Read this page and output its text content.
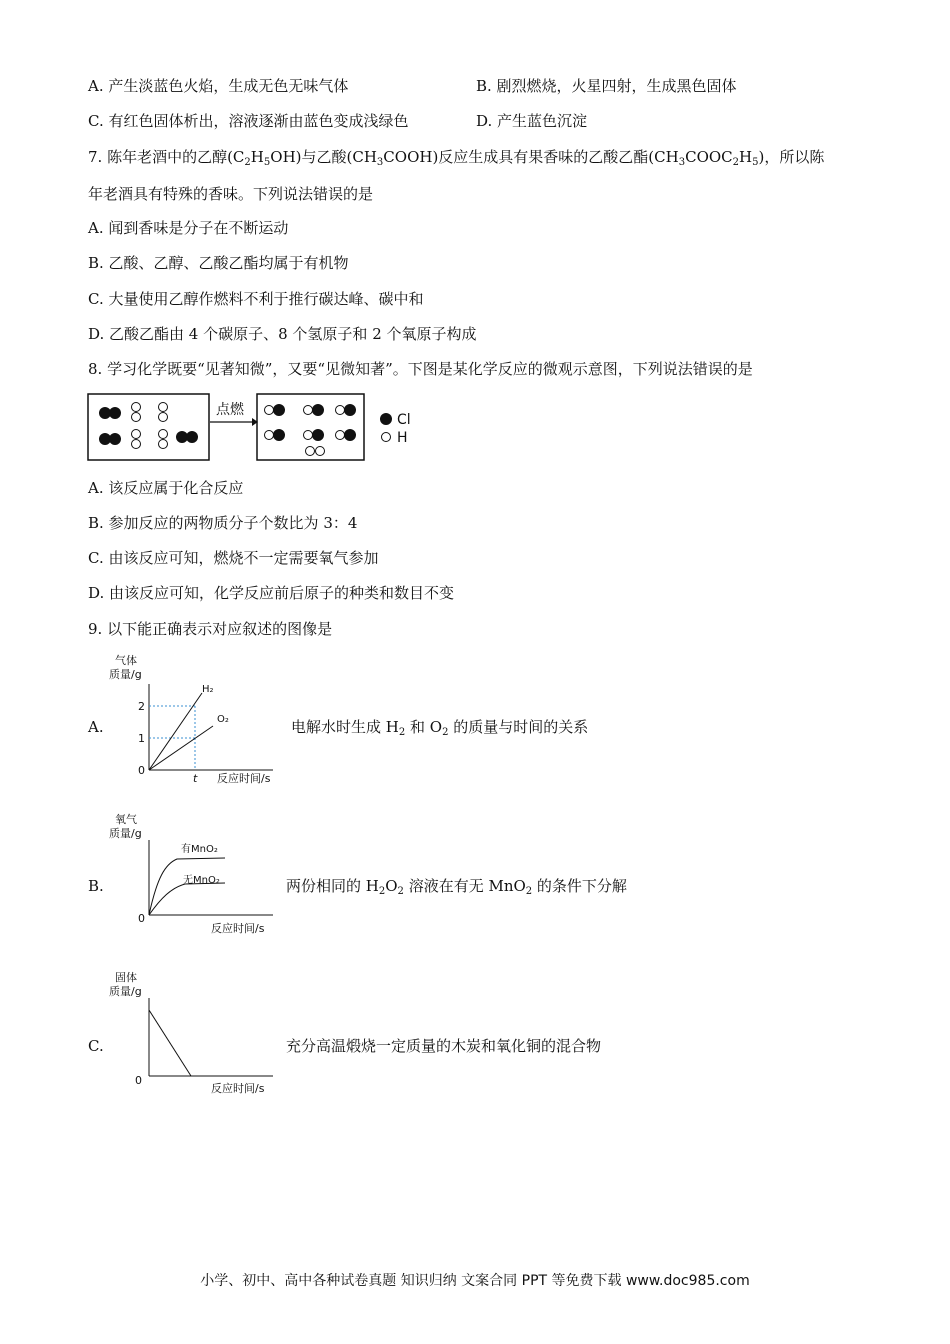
A. 产生淡蓝色火焰，生成无色无味气体	B. 剧烈燃烧，火星四射，生成黑色固体
C. 有红色固体析出，溶液逐渐由蓝色变成浅绿色	D. 产生蓝色沉淀
7. 陈年老酒中的乙醇$(C_2H_5OH)$与乙酸$(CH_3COOH)$反应生成具有果香味的乙酸乙酯$(CH_3COOC_2H_5)$，所以陈
年老酒具有特殊的香味。下列说法错误的是
A. 闻到香味是分子在不断运动
B. 乙酸、乙醇、乙酸乙酯均属于有机物
C. 大量使用乙醇作燃料不利于推行碳达峰、碳中和
D. 乙酸乙酯由 4 个碳原子、8 个氢原子和 2 个氧原子构成
8. 学习化学既要“见著知微”，又要“见微知著”。下图是某化学反应的微观示意图，下列说法错误的是
点燃
Cl
H
A. 该反应属于化合反应
B. 参加反应的两物质分子个数比为 3：4
C. 由该反应可知，燃烧不一定需要氧气参加
D. 由该反应可知，化学反应前后原子的种类和数目不变
9. 以下能正确表示对应叙述的图像是
A.
气体
质量/g
2
1
0
t 反应时间/s
H₂
O₂	电解水时生成 $H_2$ 和 $O_2$ 的质量与时间的关系
B.
氧气
质量/g
0
有MnO₂
无MnO₂
反应时间/s
两份相同的 $H_2O_2$ 溶液在有无 MnO$_2$ 的条件下分解
C.
固体
质量/g
0
反应时间/s
充分高温煅烧一定质量的木炭和氧化铜的混合物
小学、初中、高中各种试卷真题 知识归纳 文案合同 PPT 等免费下载 www.doc985.com
